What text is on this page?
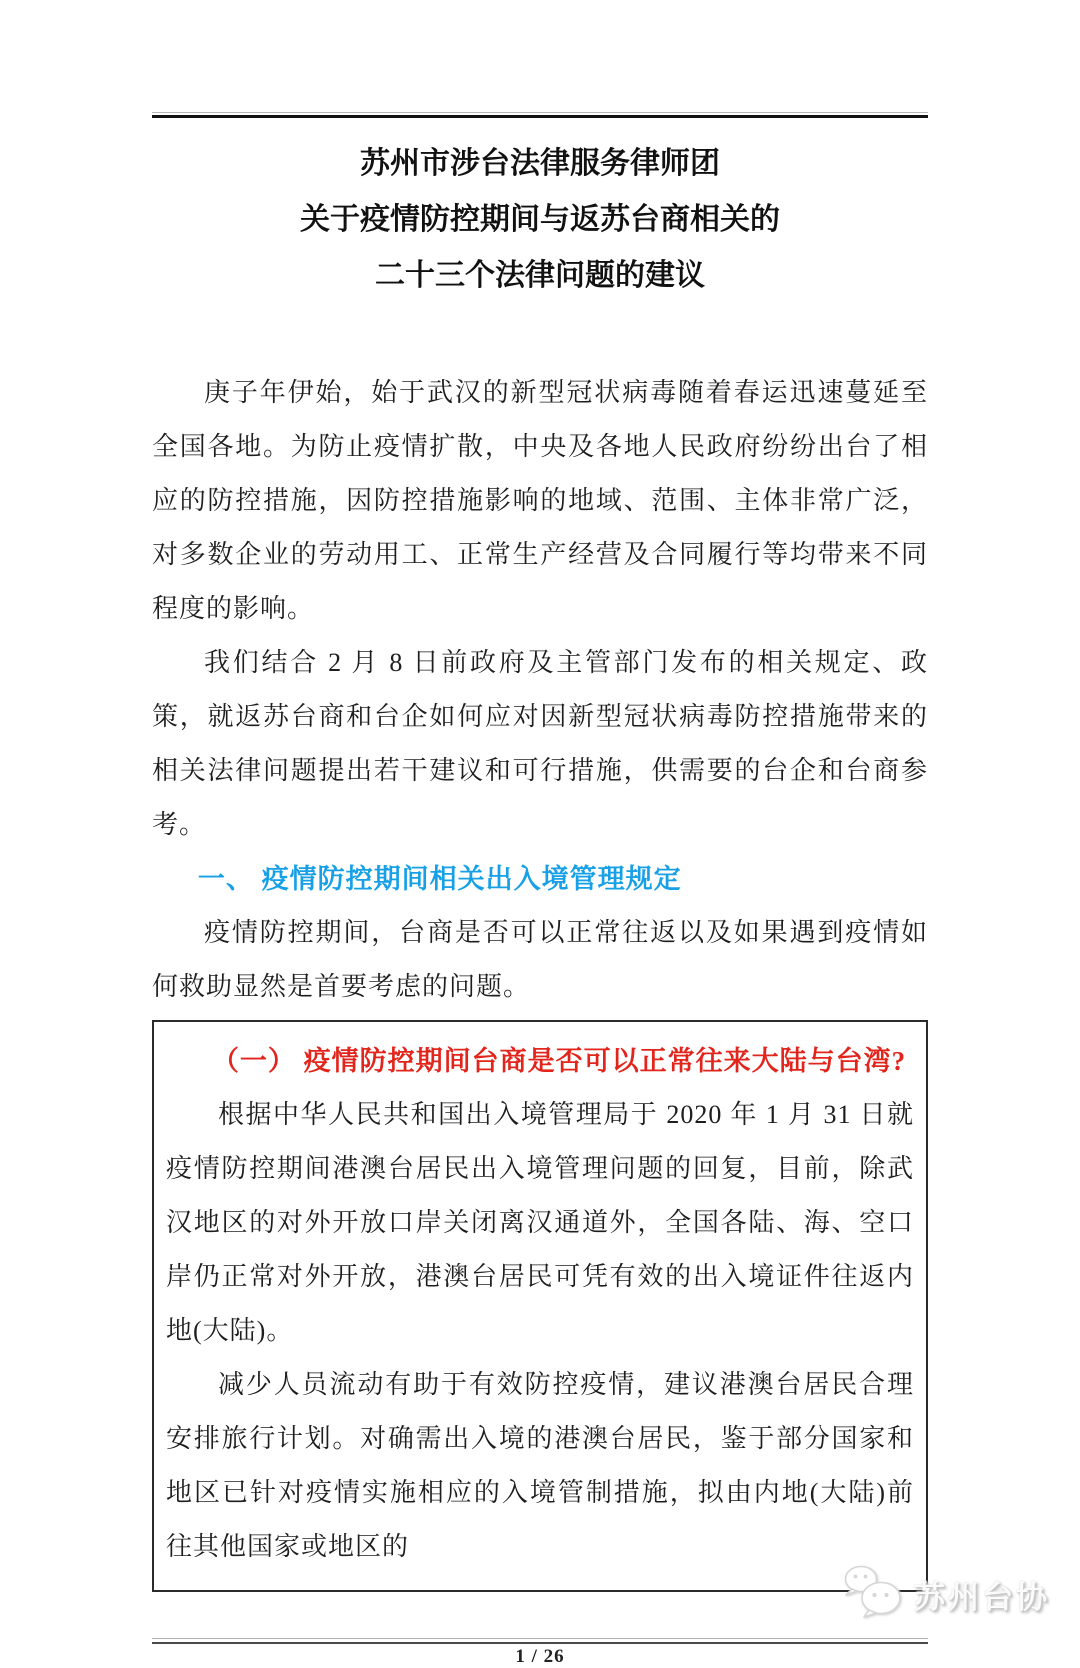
苏州市涉台法律服务律师团
关于疫情防控期间与返苏台商相关的
二十三个法律问题的建议

庚子年伊始，始于武汉的新型冠状病毒随着春运迅速蔓延至全国各地。为防止疫情扩散，中央及各地人民政府纷纷出台了相应的防控措施，因防控措施影响的地域、范围、主体非常广泛，对多数企业的劳动用工、正常生产经营及合同履行等均带来不同程度的影响。

我们结合 2 月 8 日前政府及主管部门发布的相关规定、政策，就返苏台商和台企如何应对因新型冠状病毒防控措施带来的相关法律问题提出若干建议和可行措施，供需要的台企和台商参考。

一、 疫情防控期间相关出入境管理规定

疫情防控期间，台商是否可以正常往返以及如果遇到疫情如何救助显然是首要考虑的问题。

（一） 疫情防控期间台商是否可以正常往来大陆与台湾?

根据中华人民共和国出入境管理局于 2020 年 1 月 31 日就疫情防控期间港澳台居民出入境管理问题的回复，目前，除武汉地区的对外开放口岸关闭离汉通道外，全国各陆、海、空口岸仍正常对外开放，港澳台居民可凭有效的出入境证件往返内地(大陆)。

减少人员流动有助于有效防控疫情，建议港澳台居民合理安排旅行计划。对确需出入境的港澳台居民，鉴于部分国家和地区已针对疫情实施相应的入境管制措施，拟由内地(大陆)前往其他国家或地区的

1 / 26
苏州台协
